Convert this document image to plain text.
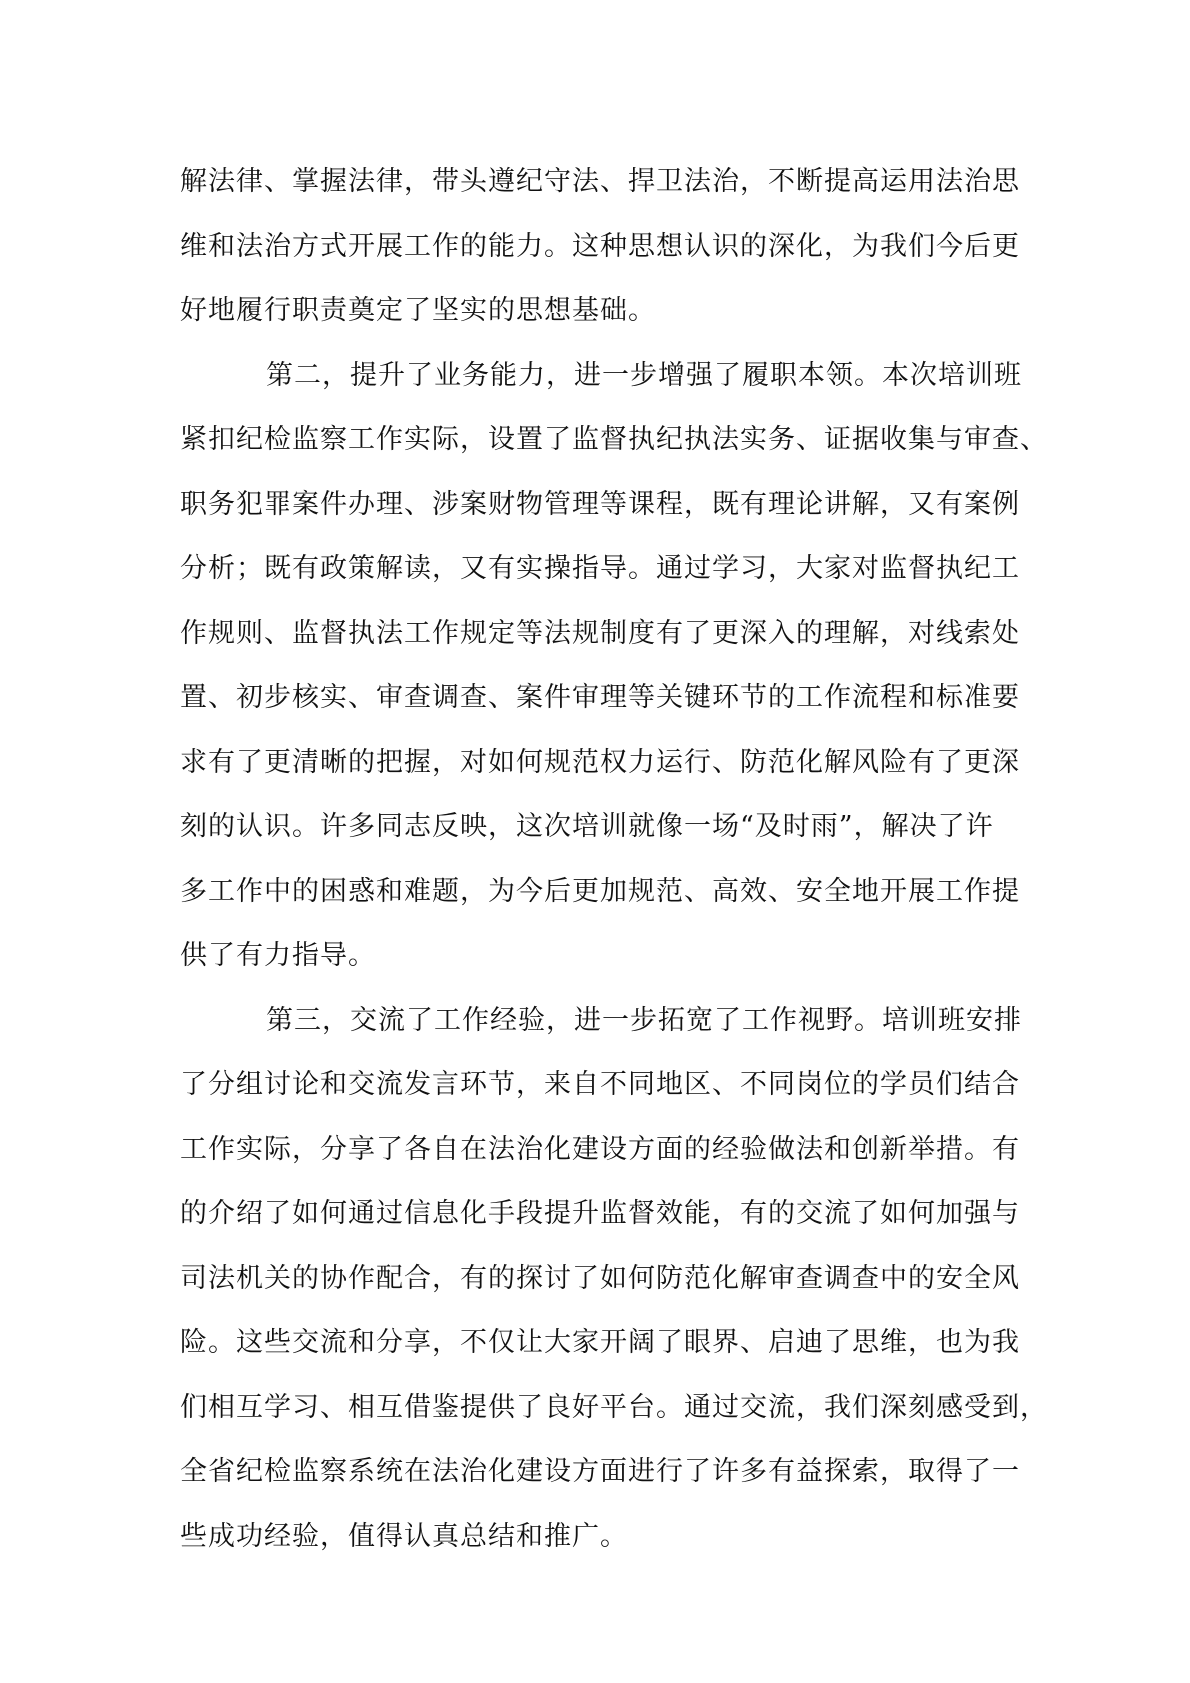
解法律、掌握法律，带头遵纪守法、捍卫法治，不断提高运用法治思
维和法治方式开展工作的能力。这种思想认识的深化，为我们今后更
好地履行职责奠定了坚实的思想基础。
第二，提升了业务能力，进一步增强了履职本领。本次培训班
紧扣纪检监察工作实际，设置了监督执纪执法实务、证据收集与审查、
职务犯罪案件办理、涉案财物管理等课程，既有理论讲解，又有案例
分析；既有政策解读，又有实操指导。通过学习，大家对监督执纪工
作规则、监督执法工作规定等法规制度有了更深入的理解，对线索处
置、初步核实、审查调查、案件审理等关键环节的工作流程和标准要
求有了更清晰的把握，对如何规范权力运行、防范化解风险有了更深
刻的认识。许多同志反映，这次培训就像一场“及时雨”，解决了许
多工作中的困惑和难题，为今后更加规范、高效、安全地开展工作提
供了有力指导。
第三，交流了工作经验，进一步拓宽了工作视野。培训班安排
了分组讨论和交流发言环节，来自不同地区、不同岗位的学员们结合
工作实际，分享了各自在法治化建设方面的经验做法和创新举措。有
的介绍了如何通过信息化手段提升监督效能，有的交流了如何加强与
司法机关的协作配合，有的探讨了如何防范化解审查调查中的安全风
险。这些交流和分享，不仅让大家开阔了眼界、启迪了思维，也为我
们相互学习、相互借鉴提供了良好平台。通过交流，我们深刻感受到，
全省纪检监察系统在法治化建设方面进行了许多有益探索，取得了一
些成功经验，值得认真总结和推广。
